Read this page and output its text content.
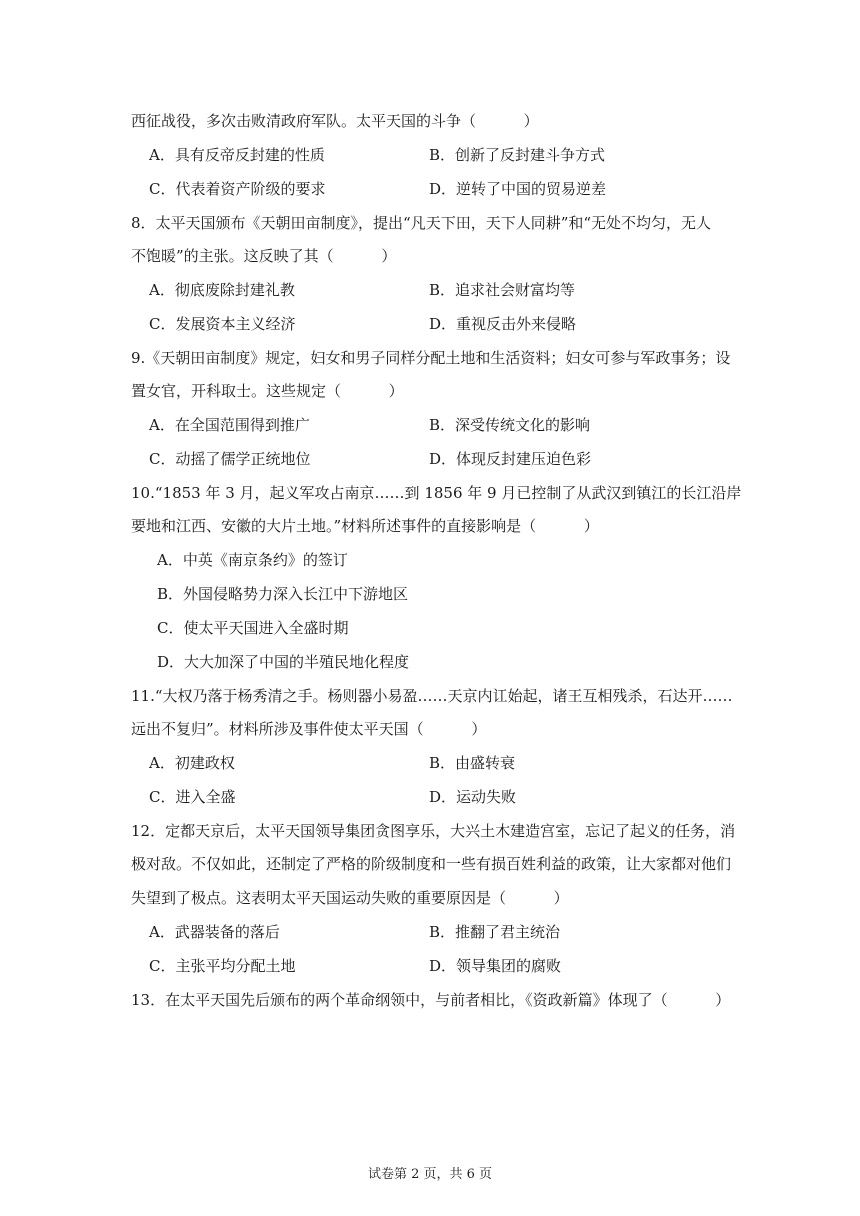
西征战役，多次击败清政府军队。太平天国的斗争（          ）
A．具有反帝反封建的性质	B．创新了反封建斗争方式
C．代表着资产阶级的要求	D．逆转了中国的贸易逆差
8．太平天国颁布《天朝田亩制度》，提出“凡天下田，天下人同耕”和“无处不均匀，无人
不饱暖”的主张。这反映了其（          ）
A．彻底废除封建礼教	B．追求社会财富均等
C．发展资本主义经济	D．重视反击外来侵略
9.《天朝田亩制度》规定，妇女和男子同样分配土地和生活资料；妇女可参与军政事务；设
置女官，开科取士。这些规定（          ）
A．在全国范围得到推广	B．深受传统文化的影响
C．动摇了儒学正统地位	D．体现反封建压迫色彩
10.“1853 年 3 月，起义军攻占南京……到 1856 年 9 月已控制了从武汉到镇江的长江沿岸
要地和江西、安徽的大片土地。”材料所述事件的直接影响是（          ）
A．中英《南京条约》的签订
B．外国侵略势力深入长江中下游地区
C．使太平天国进入全盛时期
D．大大加深了中国的半殖民地化程度
11.“大权乃落于杨秀清之手。杨则器小易盈……天京内讧始起，诸王互相残杀，石达开……
远出不复归”。材料所涉及事件使太平天国（          ）
A．初建政权	B．由盛转衰
C．进入全盛	D．运动失败
12．定都天京后，太平天国领导集团贪图享乐，大兴土木建造宫室，忘记了起义的任务，消
极对敌。不仅如此，还制定了严格的阶级制度和一些有损百姓利益的政策，让大家都对他们
失望到了极点。这表明太平天国运动失败的重要原因是（          ）
A．武器装备的落后	B．推翻了君主统治
C．主张平均分配土地	D．领导集团的腐败
13．在太平天国先后颁布的两个革命纲领中，与前者相比，《资政新篇》体现了（          ）
试卷第 2 页，共 6 页
